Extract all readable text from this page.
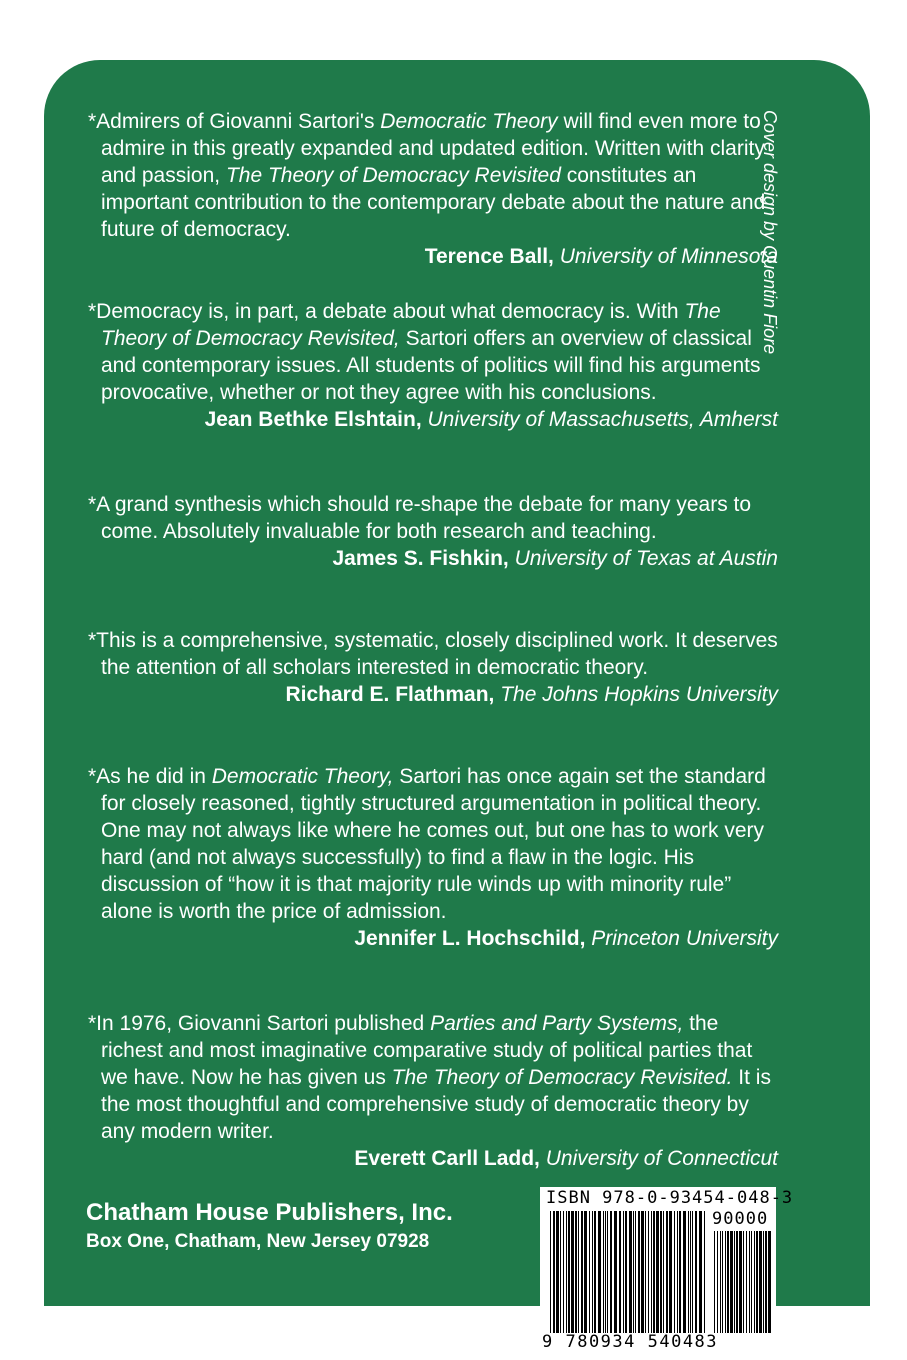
*Admirers of Giovanni Sartori's Democratic Theory will find even more to admire in this greatly expanded and updated edition. Written with clarity and passion, The Theory of Democracy Revisited constitutes an important contribution to the contemporary debate about the nature and future of democracy.
Terence Ball, University of Minnesota
*Democracy is, in part, a debate about what democracy is. With The Theory of Democracy Revisited, Sartori offers an overview of classical and contemporary issues. All students of politics will find his arguments provocative, whether or not they agree with his conclusions.
Jean Bethke Elshtain, University of Massachusetts, Amherst
*A grand synthesis which should re-shape the debate for many years to come. Absolutely invaluable for both research and teaching.
James S. Fishkin, University of Texas at Austin
*This is a comprehensive, systematic, closely disciplined work. It deserves the attention of all scholars interested in democratic theory.
Richard E. Flathman, The Johns Hopkins University
*As he did in Democratic Theory, Sartori has once again set the standard for closely reasoned, tightly structured argumentation in political theory. One may not always like where he comes out, but one has to work very hard (and not always successfully) to find a flaw in the logic. His discussion of “how it is that majority rule winds up with minority rule” alone is worth the price of admission.
Jennifer L. Hochschild, Princeton University
*In 1976, Giovanni Sartori published Parties and Party Systems, the richest and most imaginative comparative study of political parties that we have. Now he has given us The Theory of Democracy Revisited. It is the most thoughtful and comprehensive study of democratic theory by any modern writer.
Everett Carll Ladd, University of Connecticut
Cover design by Quentin Fiore
Chatham House Publishers, Inc.
Box One, Chatham, New Jersey 07928
ISBN 978-0-93454-048-3
90000
9 780934 540483
